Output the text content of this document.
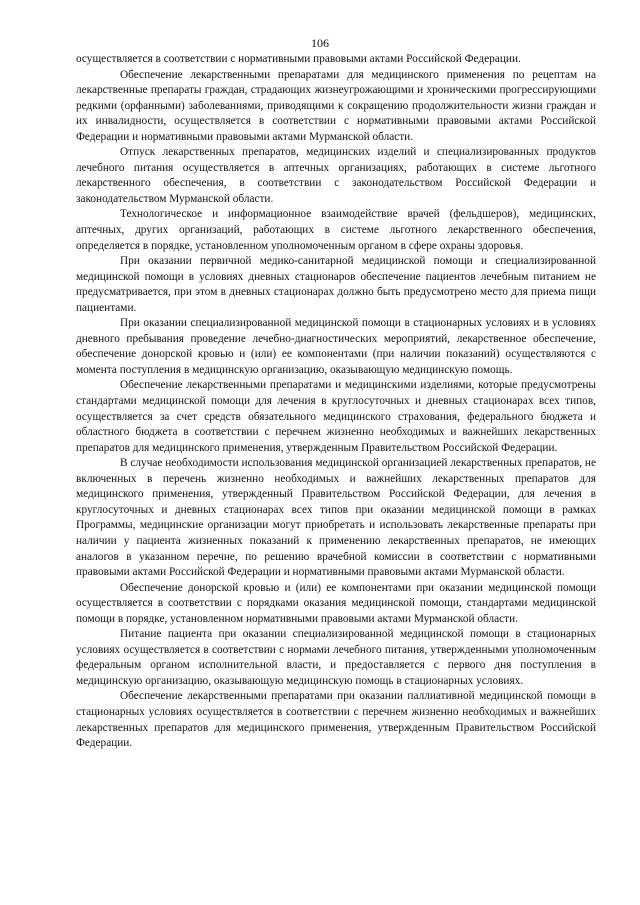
106

осуществляется в соответствии с нормативными правовыми актами Российской Федерации.

Обеспечение лекарственными препаратами для медицинского применения по рецептам на лекарственные препараты граждан, страдающих жизнеугрожающими и хроническими прогрессирующими редкими (орфанными) заболеваниями, приводящими к сокращению продолжительности жизни граждан и их инвалидности, осуществляется в соответствии с нормативными правовыми актами Российской Федерации и нормативными правовыми актами Мурманской области.

Отпуск лекарственных препаратов, медицинских изделий и специализированных продуктов лечебного питания осуществляется в аптечных организациях, работающих в системе льготного лекарственного обеспечения, в соответствии с законодательством Российской Федерации и законодательством Мурманской области.

Технологическое и информационное взаимодействие врачей (фельдшеров), медицинских, аптечных, других организаций, работающих в системе льготного лекарственного обеспечения, определяется в порядке, установленном уполномоченным органом в сфере охраны здоровья.

При оказании первичной медико-санитарной медицинской помощи и специализированной медицинской помощи в условиях дневных стационаров обеспечение пациентов лечебным питанием не предусматривается, при этом в дневных стационарах должно быть предусмотрено место для приема пищи пациентами.

При оказании специализированной медицинской помощи в стационарных условиях и в условиях дневного пребывания проведение лечебно-диагностических мероприятий, лекарственное обеспечение, обеспечение донорской кровью и (или) ее компонентами (при наличии показаний) осуществляются с момента поступления в медицинскую организацию, оказывающую медицинскую помощь.

Обеспечение лекарственными препаратами и медицинскими изделиями, которые предусмотрены стандартами медицинской помощи для лечения в круглосуточных и дневных стационарах всех типов, осуществляется за счет средств обязательного медицинского страхования, федерального бюджета и областного бюджета в соответствии с перечнем жизненно необходимых и важнейших лекарственных препаратов для медицинского применения, утвержденным Правительством Российской Федерации.

В случае необходимости использования медицинской организацией лекарственных препаратов, не включенных в перечень жизненно необходимых и важнейших лекарственных препаратов для медицинского применения, утвержденный Правительством Российской Федерации, для лечения в круглосуточных и дневных стационарах всех типов при оказании медицинской помощи в рамках Программы, медицинские организации могут приобретать и использовать лекарственные препараты при наличии у пациента жизненных показаний к применению лекарственных препаратов, не имеющих аналогов в указанном перечне, по решению врачебной комиссии в соответствии с нормативными правовыми актами Российской Федерации и нормативными правовыми актами Мурманской области.

Обеспечение донорской кровью и (или) ее компонентами при оказании медицинской помощи осуществляется в соответствии с порядками оказания медицинской помощи, стандартами медицинской помощи в порядке, установленном нормативными правовыми актами Мурманской области.

Питание пациента при оказании специализированной медицинской помощи в стационарных условиях осуществляется в соответствии с нормами лечебного питания, утвержденными уполномоченным федеральным органом исполнительной власти, и предоставляется с первого дня поступления в медицинскую организацию, оказывающую медицинскую помощь в стационарных условиях.

Обеспечение лекарственными препаратами при оказании паллиативной медицинской помощи в стационарных условиях осуществляется в соответствии с перечнем жизненно необходимых и важнейших лекарственных препаратов для медицинского применения, утвержденным Правительством Российской Федерации.
